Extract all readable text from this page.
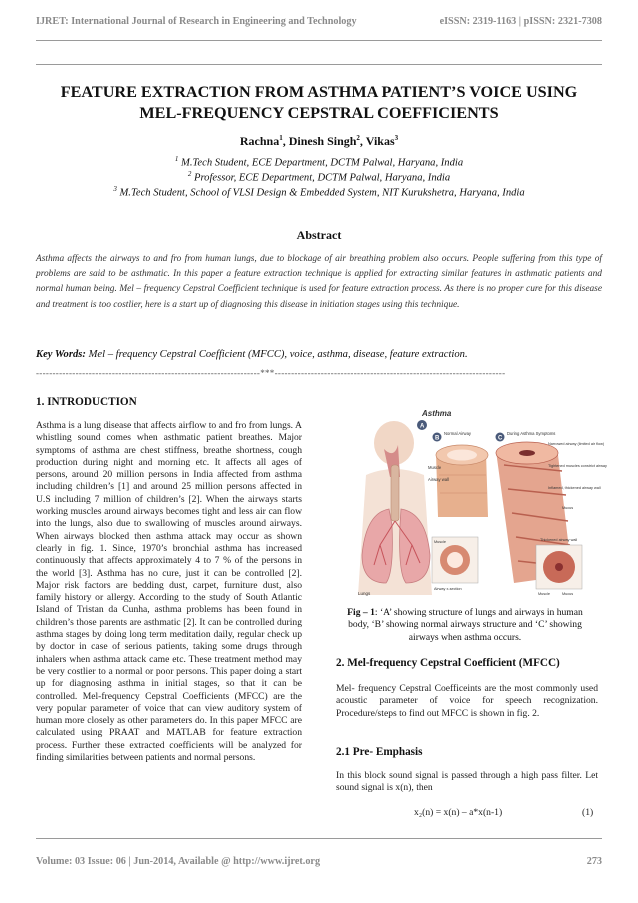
IJRET: International Journal of Research in Engineering and Technology	eISSN: 2319-1163 | pISSN: 2321-7308
FEATURE EXTRACTION FROM ASTHMA PATIENT’S VOICE USING
MEL-FREQUENCY CEPSTRAL COEFFICIENTS
Rachna$^1$, Dinesh Singh$^2$, Vikas$^3$
$^1$ M.Tech Student, ECE Department, DCTM Palwal, Haryana, India
$^2$ Professor, ECE Department, DCTM Palwal, Haryana, India
$^3$ M.Tech Student, School of VLSI Design & Embedded System, NIT Kurukshetra, Haryana, India
Abstract
Asthma affects the airways to and fro from human lungs, due to blockage of air breathing problem also occurs. People suffering from this type of problems are said to be asthmatic. In this paper a feature extraction technique is applied for extracting similar features in asthmatic patients and normal human being. Mel – frequency Cepstral Coefficient technique is used for feature extraction process. As there is no proper cure for this disease and treatment is too costlier, here is a start up of diagnosing this disease in initiation stages using this technique.
Key Words: Mel – frequency Cepstral Coefficient (MFCC), voice, asthma, disease, feature extraction.
--------------------------------------------------------------------***----------------------------------------------------------------------
1. INTRODUCTION
Asthma is a lung disease that affects airflow to and fro from lungs. A whistling sound comes when asthmatic patient breathes. Major symptoms of asthma are chest stiffness, breathe shortness, cough production during night and morning etc. It affects all ages of persons, around 20 million persons in India affected from asthma including children’s [1] and around 25 million persons affected in U.S including 7 million of children’s [2]. When the airways starts working muscles around airways becomes tight and less air can flow into the lungs, also due to swallowing of muscles around airways. When airways blocked then asthma attack may occur as shown clearly in fig. 1. Since, 1970’s bronchial asthma has increased continuously that affects approximately 4 to 7 % of the persons in the world [3]. Asthma has no cure, just it can be controlled [2]. Major risk factors are bedding dust, carpet, furniture dust, also family history or allergy. According to the study of South Atlantic Island of Tristan da Cunha, asthma problems has been found in children’s those parents are asthmatic [2]. It can be controlled during asthma stages by doing long term meditation daily, regular check up by doctor in case of serious patients, taking some drugs through inhalers when asthma attack came etc. These treatment method may be very costlier to a normal or poor persons. This paper doing a start up for diagnosing asthma in initial stages, so that it can be controlled. Mel-frequency Cepstral Coefficients (MFCC) are the very popular parameter of voice that can view auditory system of human more closely as other parameters do. In this paper MFCC are calculated using PRAAT and MATLAB for feature extraction process. Further these extracted coefficients will be analyzed for finding similarities between patients and normal persons.
Asthma
Lungs
A
B
Normal Airway
Muscle
Airway wall
C
During Asthma Symptoms
Narrowed airway (limited air flow)
Tightened muscles constrict airway
Inflamed, thickened airway wall
Mucus
Muscle
Airway x-section
Thickened airway wall
Muscle	Mucus
Fig – 1: ‘A’ showing structure of lungs and airways in human body, ‘B’ showing normal airways structure and ‘C’ showing airways when asthma occurs.
2. Mel-frequency Cepstral Coefficient (MFCC)
Mel- frequency Cepstral Coefficeints are the most commonly used acoustic parameter of voice for speech recognization. Procedure/steps to find out MFCC is shown in fig. 2.
2.1 Pre- Emphasis
In this block sound signal is passed through a high pass filter. Let sound signal is x(n), then
x₂(n) = x(n) – a*x(n-1)	(1)
Volume: 03 Issue: 06 | Jun-2014, Available @ http://www.ijret.org	273
